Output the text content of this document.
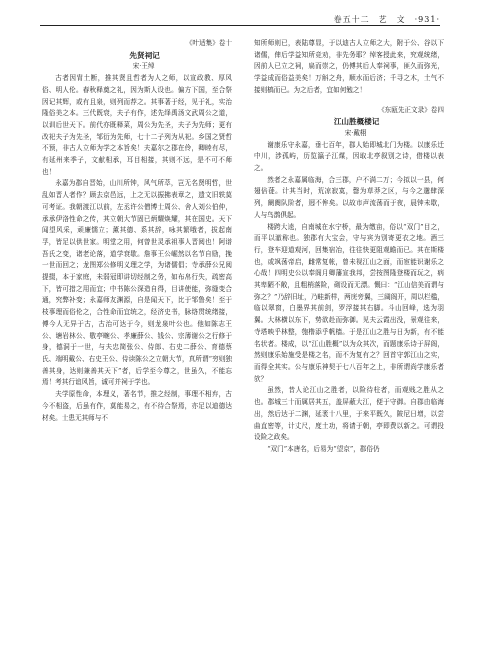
卷五十二　艺　文　·931·

《叶适集》卷十

先贤祠记

宋·王绰

古者因胄土断，推其贤且哲者为人之师，以宣政教、厚风俗、明人伦。春秋释奠之礼，因为斯人设也。偏方下国，至合祭因记其辉，或有且泉，则列而荐之。其事著于经，见于礼，实治隆俗美之本。三代既衰，夫子有作，述先绎禹汤文武周公之道，以训后世天下。前代亦既释菜，周公为先圣，夫子为先师；更有改祀夫子为先圣，邹衍为先师，七十二子列为从祀。乡国之贤哲不预，非古人立师为学之本旨矣！夫嘉尔之郡在伶，卿睦有尽，有延州来季子，文献相承，耳目相接，其则不远，是不可不师也！

永嘉为郡自晋始，山川所钟，风气所萃，岂无名贤明哲，世乱如晋人者作？顾去京邑远，上之无以振拂表章之，遗文旧轶莫可考证。我朝渡江以前，左丞许公僧博士周公、舍人刘公伯仲，承承伊洛性命之传，其立朝大节固已炳耀焕耀，其在国史。天下闻望风采，顽廉懦立；薰其德、系其辞，咏其繁哦者，拔起南孚，皆足以供世家。明堂之用，何曾世灵承祖事人晋阅也！阿谱吾氏之变，诸老论落，道学衰歇。詹事王公崛然以名节自励，挽一世而回之；龙图郑公修明义理之学，为诸儒倡；寺承薛公兄阅提掇，本于家庭，未弱冠即讲切经制之务，如布帛行失，疏密高下，皆可措之用而宜；中书陈公深造自得，目讲使能，弥缝变合通，究弊补变；永嘉师友渊源，自是闻天下，比于邹鲁矣！至于枝事理而俗伦之，合性命而宜统之，经济史书，脉络贯统绪接，傅今人无异于古，古治可达于今，则龙泉叶公也。他如陈志王公、塘岩林公、敬亭畹公、孝廉薛公、钱公、宗薄谢公之行修于身，德洞于一世，与夫忠简张公、侍郎、右史二薛公、育德蔡氏、端明戴公、右史王公、侍读陈公之立朝大节，真所谓“穷则独善其身，达则兼善其天下”者，后学至今尊之，世虽久，不能忘焉！考其行谊风旨，诚可并祠于学也。

夫学原性命，本理义，著名节，推之经制，事理不相弃，古今不相盗，后虽有作，莫能易之，有不待合祭焉，亦足以迪德达材矣。士患无其师与不

知所师则已，表陆尊显，于以迪古人立师之大，附于公、谷以下诸儒，俾后学益知所竞劝，非先务耶？绰客授此来，究观统绪，因前人已立之祠，扁而崇之，仍傅其后人奉祠事，匪久而弥光，学益成而俗益美矣！万斛之舟，顺水而后济；千寻之木，土气不接则槁而已。为之后者，宜如何勉之！

《东瓯先正文录》卷四

江山胜概楼记

宋·戴栩

谢康乐守永嘉，垂七百年，郡人始即城北门为楼。以康乐迁中川，涉孤屿，历览瀛子江煤，因取北亭叙别之诗，借楼以表之。

然者之永嘉属临海，合三郡，户不满二万；今拟以一县，何翅倍蓰。计其当时，荒凉寂寞，罄为草莽之区，与今之邈肆深列，阛阓队阶者，迥不侔矣。以故市声流荡而于夜，晨钟未歇，人与鸟鹊俱起。

楼跨大逵，自南城在水宁桥，最为缴亩，俗以“双门”目之，而平以澈称也。独郡有大宝会，守与宾为别寄更衣之地。酒三行，登车迎道观河，回集宿冶，往往快更阻观瞻而已。其在斯楼也，或飒荡帝启，雌常复帐，曾未视江山之面，而宦能识谢乐之心哉！四明史公以奉阁月卿藩宣我邦，尝按图隆登楼而玩之，病其卑陋不敞，且粗梢落险，砌设而无漂。慨曰：“江山信美而谓与弥之？”乃辞旧址，乃畦新样，两庑旁翼，三阔阁开，周以栏槛，临以翠窗，白墨界其前剑，罗浮接其右脚。斗山回峰，选为羽翼。大林横以东下，势欲赴而弥御。见夫云霞出没，景观往来，寺塔映乎林整，匏橹添乎帆樯。于是江山之胜与日为新，有不能名状者。楼成，以“江山胜概”以为众其次，而题康乐诗于屏阁，然则康乐始施受是楼之名，而不为复有之？回首守郭江山之实，而得全其实。公与康乐神契于七八百年之上，非所谓尚学康乐者欤？

虽然，昔人论江山之胜者，以险待柱者，而观贱之胜从之也。郡城三十而属居其五，盖屏蔽大江，便于守御。自郡由临海出，然后达于二渊，延袤十八里，于来平既久，陂尼日增，以尝曲直密等，计丈尺，度土功，将请于朝，亭即费以新之。可谓投设险之政矣。

“双门”本唐名，后易为“望京”，郡俗仍
